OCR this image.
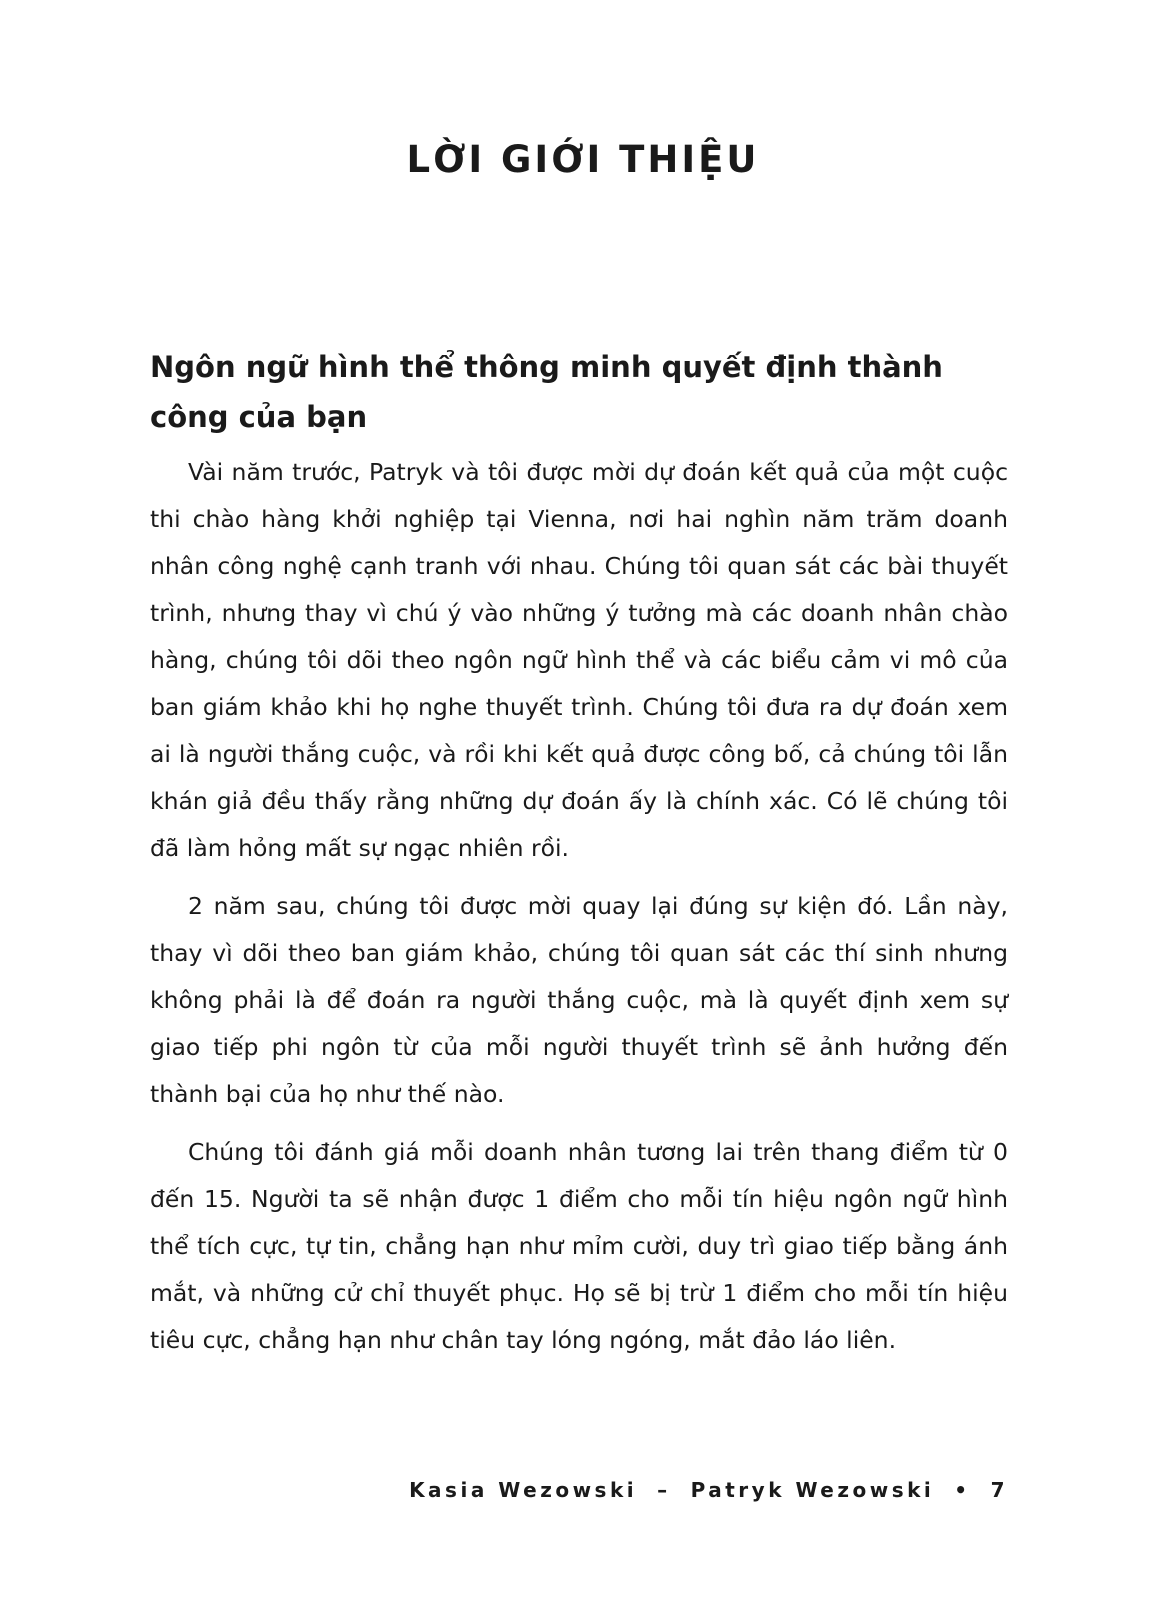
LỜI GIỚI THIỆU
Ngôn ngữ hình thể thông minh quyết định thành công của bạn

Vài năm trước, Patryk và tôi được mời dự đoán kết quả của một cuộc thi chào hàng khởi nghiệp tại Vienna, nơi hai nghìn năm trăm doanh nhân công nghệ cạnh tranh với nhau. Chúng tôi quan sát các bài thuyết trình, nhưng thay vì chú ý vào những ý tưởng mà các doanh nhân chào hàng, chúng tôi dõi theo ngôn ngữ hình thể và các biểu cảm vi mô của ban giám khảo khi họ nghe thuyết trình. Chúng tôi đưa ra dự đoán xem ai là người thắng cuộc, và rồi khi kết quả được công bố, cả chúng tôi lẫn khán giả đều thấy rằng những dự đoán ấy là chính xác. Có lẽ chúng tôi đã làm hỏng mất sự ngạc nhiên rồi.

2 năm sau, chúng tôi được mời quay lại đúng sự kiện đó. Lần này, thay vì dõi theo ban giám khảo, chúng tôi quan sát các thí sinh nhưng không phải là để đoán ra người thắng cuộc, mà là quyết định xem sự giao tiếp phi ngôn từ của mỗi người thuyết trình sẽ ảnh hưởng đến thành bại của họ như thế nào.

Chúng tôi đánh giá mỗi doanh nhân tương lai trên thang điểm từ 0 đến 15. Người ta sẽ nhận được 1 điểm cho mỗi tín hiệu ngôn ngữ hình thể tích cực, tự tin, chẳng hạn như mỉm cười, duy trì giao tiếp bằng ánh mắt, và những cử chỉ thuyết phục. Họ sẽ bị trừ 1 điểm cho mỗi tín hiệu tiêu cực, chẳng hạn như chân tay lóng ngóng, mắt đảo láo liên.

Kasia Wezowski – Patryk Wezowski • 7
